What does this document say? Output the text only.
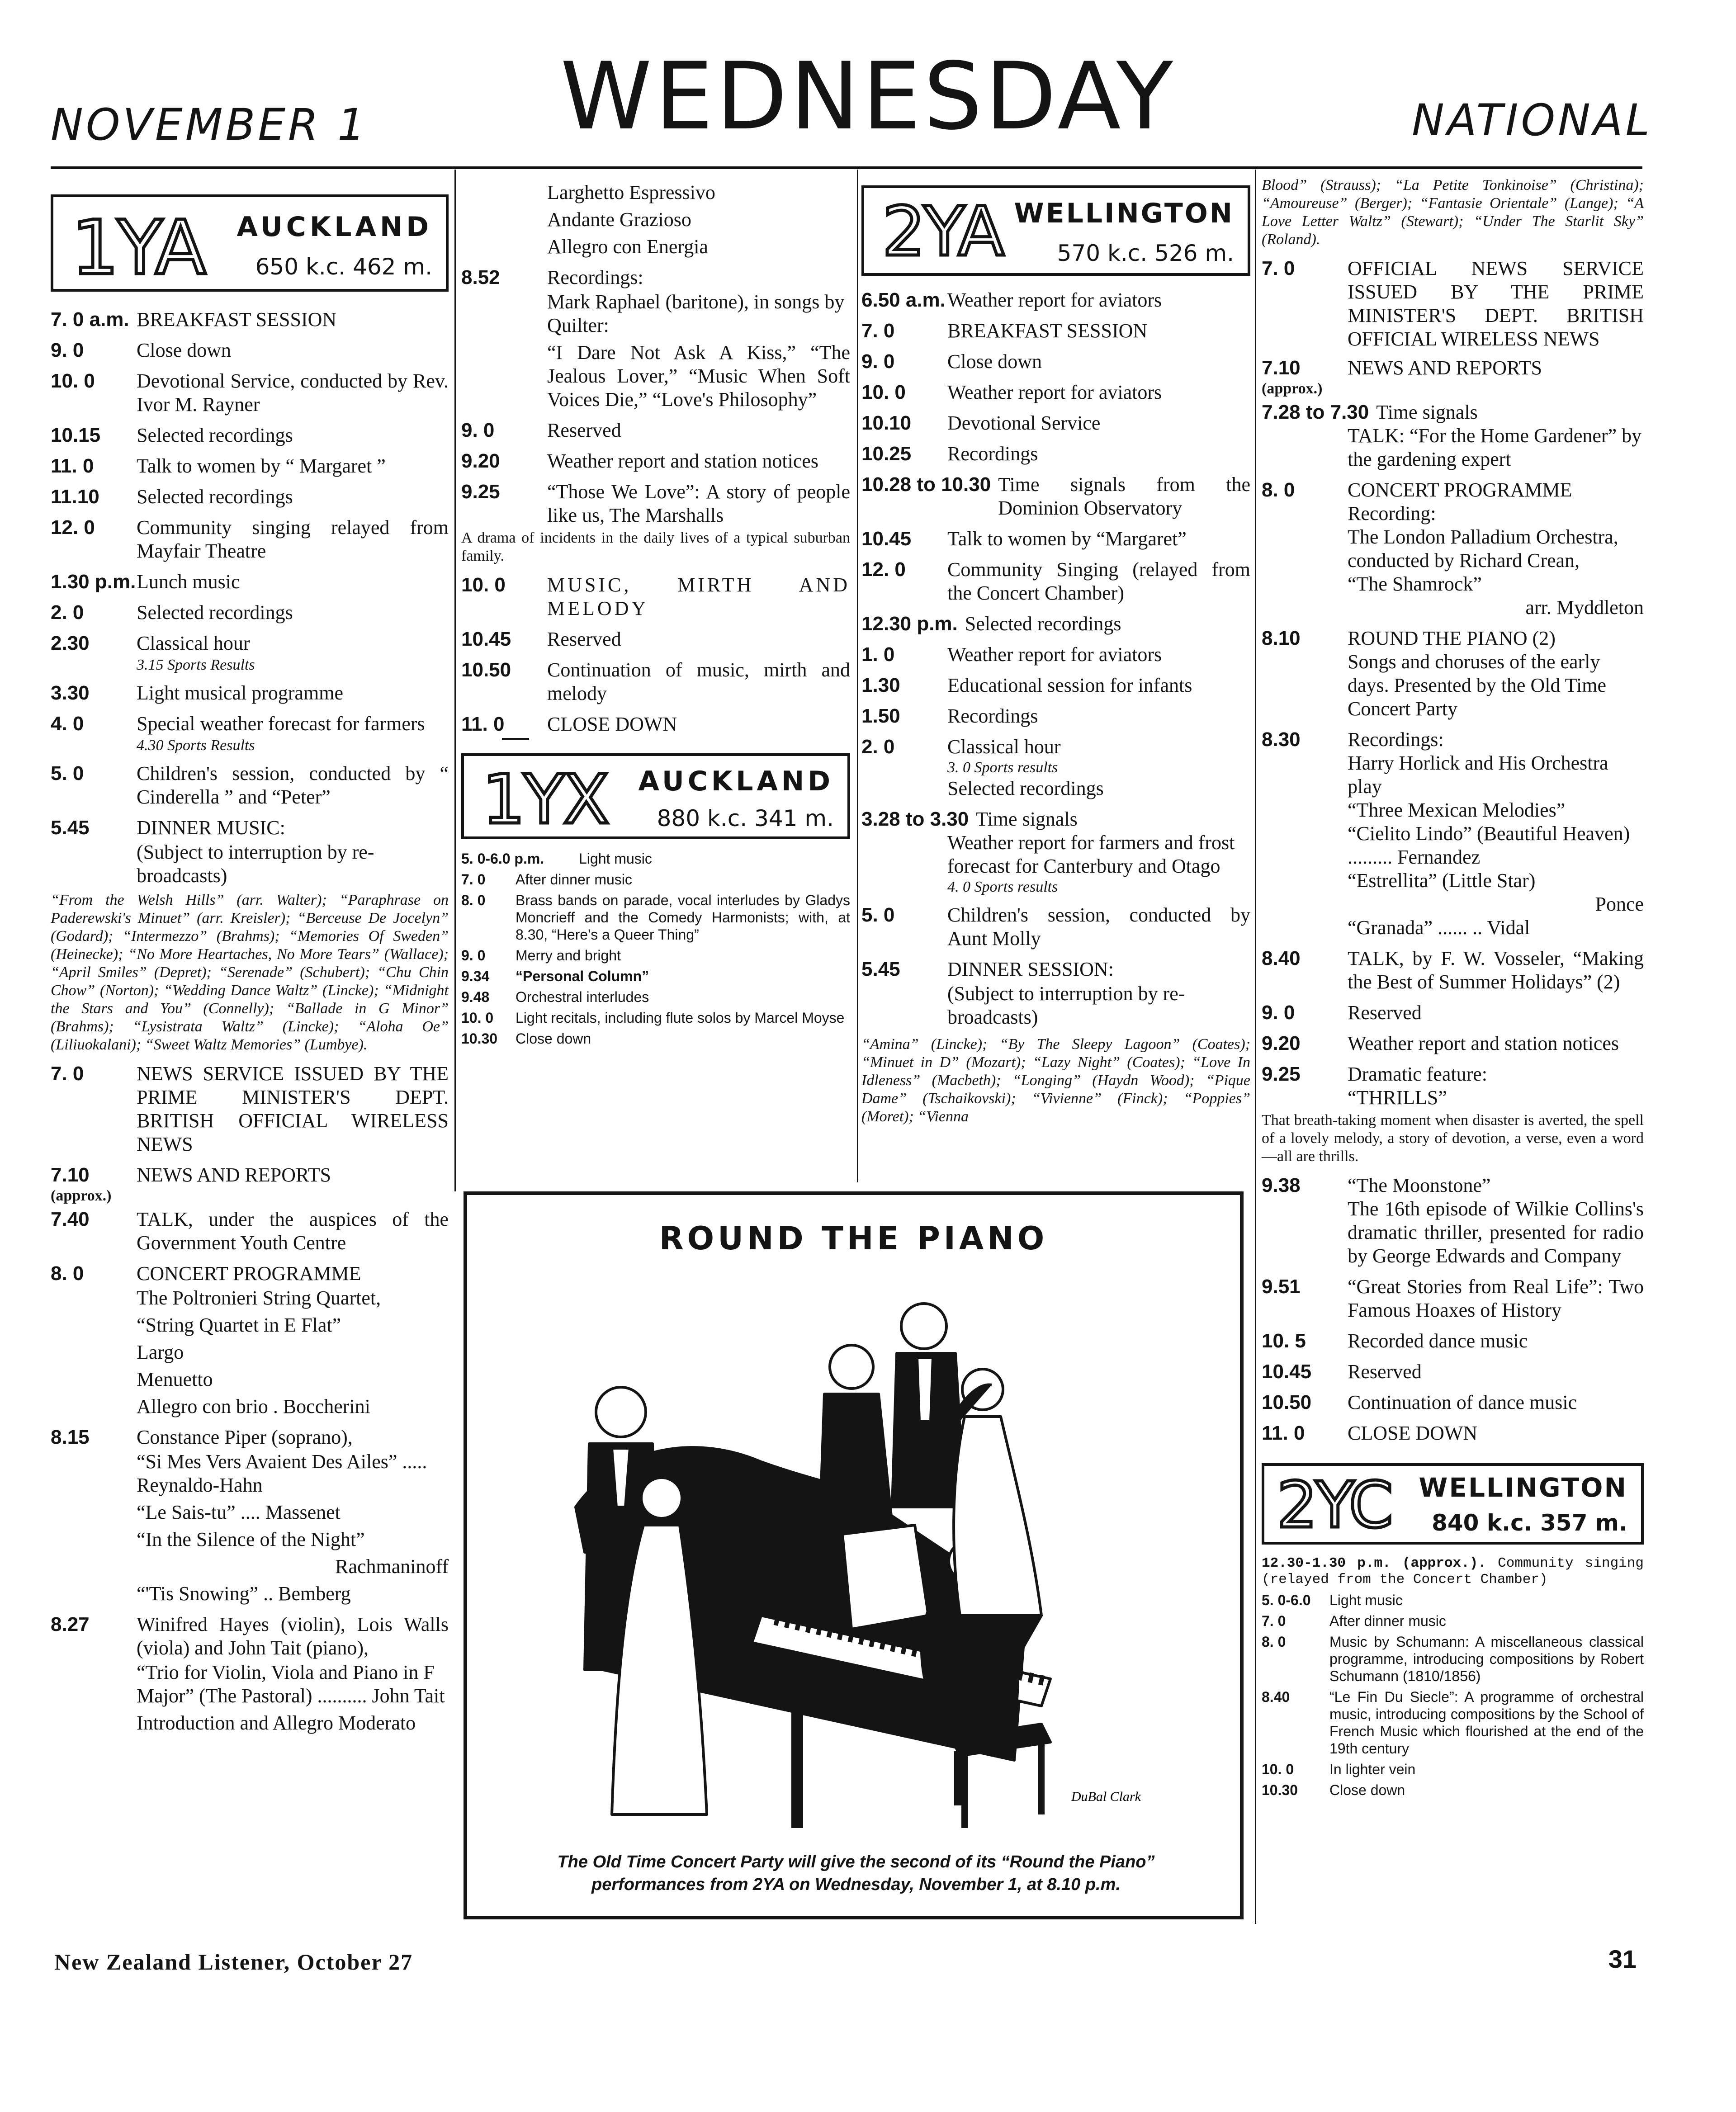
NOVEMBER 1	WEDNESDAY	NATIONAL
1YA AUCKLAND
650 k.c. 462 m.
7. 0 a.m. BREAKFAST SESSION
9. 0	Close down
10. 0	Devotional Service, conducted by Rev. Ivor M. Rayner
10.15	Selected recordings
11. 0	Talk to women by “ Margaret ”
11.10	Selected recordings
12. 0	Community singing relayed from Mayfair Theatre
1.30 p.m. Lunch music
2. 0	Selected recordings
2.30	Classical hour
3.15 Sports Results
3.30	Light musical programme
4. 0	Special weather forecast for farmers
4.30 Sports Results
5. 0	Children's session, conducted by “ Cinderella ” and “Peter”
5.45	DINNER MUSIC:
(Subject to interruption by re-broadcasts)
“From the Welsh Hills” (arr. Walter); “Paraphrase on Paderewski's Minuet” (arr. Kreisler); “Berceuse De Jocelyn” (Godard); “Intermezzo” (Brahms); “Memories Of Sweden” (Heinecke); “No More Heartaches, No More Tears” (Wallace); “April Smiles” (Depret); “Serenade” (Schubert); “Chu Chin Chow” (Norton); “Wedding Dance Waltz” (Lincke); “Midnight the Stars and You” (Connelly); “Ballade in G Minor” (Brahms); “Lysistrata Waltz” (Lincke); “Aloha Oe” (Liliuokalani); “Sweet Waltz Memories” (Lumbye).
7. 0	NEWS SERVICE ISSUED BY THE PRIME MINISTER'S DEPT. BRITISH OFFICIAL WIRELESS NEWS
7.10	NEWS AND REPORTS
(approx.)
7.40	TALK, under the auspices of the Government Youth Centre
8. 0	CONCERT PROGRAMME
The Poltronieri String Quartet,
“String Quartet in E Flat”
Largo
Menuetto
Allegro con brio . Boccherini
8.15	Constance Piper (soprano),
“Si Mes Vers Avaient Des Ailes” ..... Reynaldo-Hahn
“Le Sais-tu” .... Massenet
“In the Silence of the Night”
Rachmaninoff
“'Tis Snowing” .. Bemberg
8.27	Winifred Hayes (violin), Lois Walls (viola) and John Tait (piano),
“Trio for Violin, Viola and Piano in F Major” (The Pastoral) .......... John Tait
Introduction and Allegro Moderato
Larghetto Espressivo
Andante Grazioso
Allegro con Energia
8.52	Recordings:
Mark Raphael (baritone), in songs by Quilter:
“I Dare Not Ask A Kiss,” “The Jealous Lover,” “Music When Soft Voices Die,” “Love's Philosophy”
9. 0	Reserved
9.20	Weather report and station notices
9.25	“Those We Love”: A story of people like us, The Marshalls
A drama of incidents in the daily lives of a typical suburban family.
10. 0	MUSIC, MIRTH AND MELODY
10.45	Reserved
10.50	Continuation of music, mirth and melody
11. 0	CLOSE DOWN
1YX AUCKLAND
880 k.c. 341 m.
5. 0-6.0 p.m.	Light music
7. 0	After dinner music
8. 0	Brass bands on parade, vocal interludes by Gladys Moncrieff and the Comedy Harmonists; with, at 8.30, “Here's a Queer Thing”
9. 0	Merry and bright
9.34	“Personal Column”
9.48	Orchestral interludes
10. 0	Light recitals, including flute solos by Marcel Moyse
10.30	Close down
2YA WELLINGTON
570 k.c. 526 m.
6.50 a.m. Weather report for aviators
7. 0	BREAKFAST SESSION
9. 0	Close down
10. 0	Weather report for aviators
10.10	Devotional Service
10.25	Recordings
10.28 to 10.30 Time signals from the Dominion Observatory
10.45	Talk to women by “Margaret”
12. 0	Community Singing (relayed from the Concert Chamber)
12.30 p.m. Selected recordings
1. 0	Weather report for aviators
1.30	Educational session for infants
1.50	Recordings
2. 0	Classical hour
3. 0 Sports results
Selected recordings
3.28 to 3.30 Time signals
Weather report for farmers and frost forecast for Canterbury and Otago
4. 0 Sports results
5. 0	Children's session, conducted by Aunt Molly
5.45	DINNER SESSION:
(Subject to interruption by re-broadcasts)
“Amina” (Lincke); “By The Sleepy Lagoon” (Coates); “Minuet in D” (Mozart); “Lazy Night” (Coates); “Love In Idleness” (Macbeth); “Longing” (Haydn Wood); “Pique Dame” (Tschaikovski); “Vivienne” (Finck); “Poppies” (Moret); “Vienna
Blood” (Strauss); “La Petite Tonkinoise” (Christina); “Amoureuse” (Berger); “Fantasie Orientale” (Lange); “A Love Letter Waltz” (Stewart); “Under The Starlit Sky” (Roland).
7. 0	OFFICIAL NEWS SERVICE ISSUED BY THE PRIME MINISTER'S DEPT. BRITISH OFFICIAL WIRELESS NEWS
7.10	NEWS AND REPORTS
(approx.)
7.28 to 7.30 Time signals
TALK: “For the Home Gardener” by the gardening expert
8. 0	CONCERT PROGRAMME
Recording:
The London Palladium Orchestra, conducted by Richard Crean,
“The Shamrock”
arr. Myddleton
8.10	ROUND THE PIANO (2)
Songs and choruses of the early days. Presented by the Old Time Concert Party
8.30	Recordings:
Harry Horlick and His Orchestra play
“Three Mexican Melodies”
“Cielito Lindo” (Beautiful Heaven) ......... Fernandez
“Estrellita” (Little Star)
Ponce
“Granada” ...... .. Vidal
8.40	TALK, by F. W. Vosseler, “Making the Best of Summer Holidays” (2)
9. 0	Reserved
9.20	Weather report and station notices
9.25	Dramatic feature:
“THRILLS”
That breath-taking moment when disaster is averted, the spell of a lovely melody, a story of devotion, a verse, even a word—all are thrills.
9.38	“The Moonstone”
The 16th episode of Wilkie Collins's dramatic thriller, presented for radio by George Edwards and Company
9.51	“Great Stories from Real Life”: Two Famous Hoaxes of History
10. 5	Recorded dance music
10.45	Reserved
10.50	Continuation of dance music
11. 0	CLOSE DOWN
2YC WELLINGTON
840 k.c. 357 m.
12.30-1.30 p.m. (approx.). Community singing (relayed from the Concert Chamber)
5. 0-6.0	Light music
7. 0	After dinner music
8. 0	Music by Schumann: A miscellaneous classical programme, introducing compositions by Robert Schumann (1810/1856)
8.40	“Le Fin Du Siecle”: A programme of orchestral music, introducing compositions by the School of French Music which flourished at the end of the 19th century
10. 0	In lighter vein
10.30	Close down
ROUND THE PIANO
DuBal Clark
The Old Time Concert Party will give the second of its “Round the Piano” performances from 2YA on Wednesday, November 1, at 8.10 p.m.
New Zealand Listener, October 27	31
